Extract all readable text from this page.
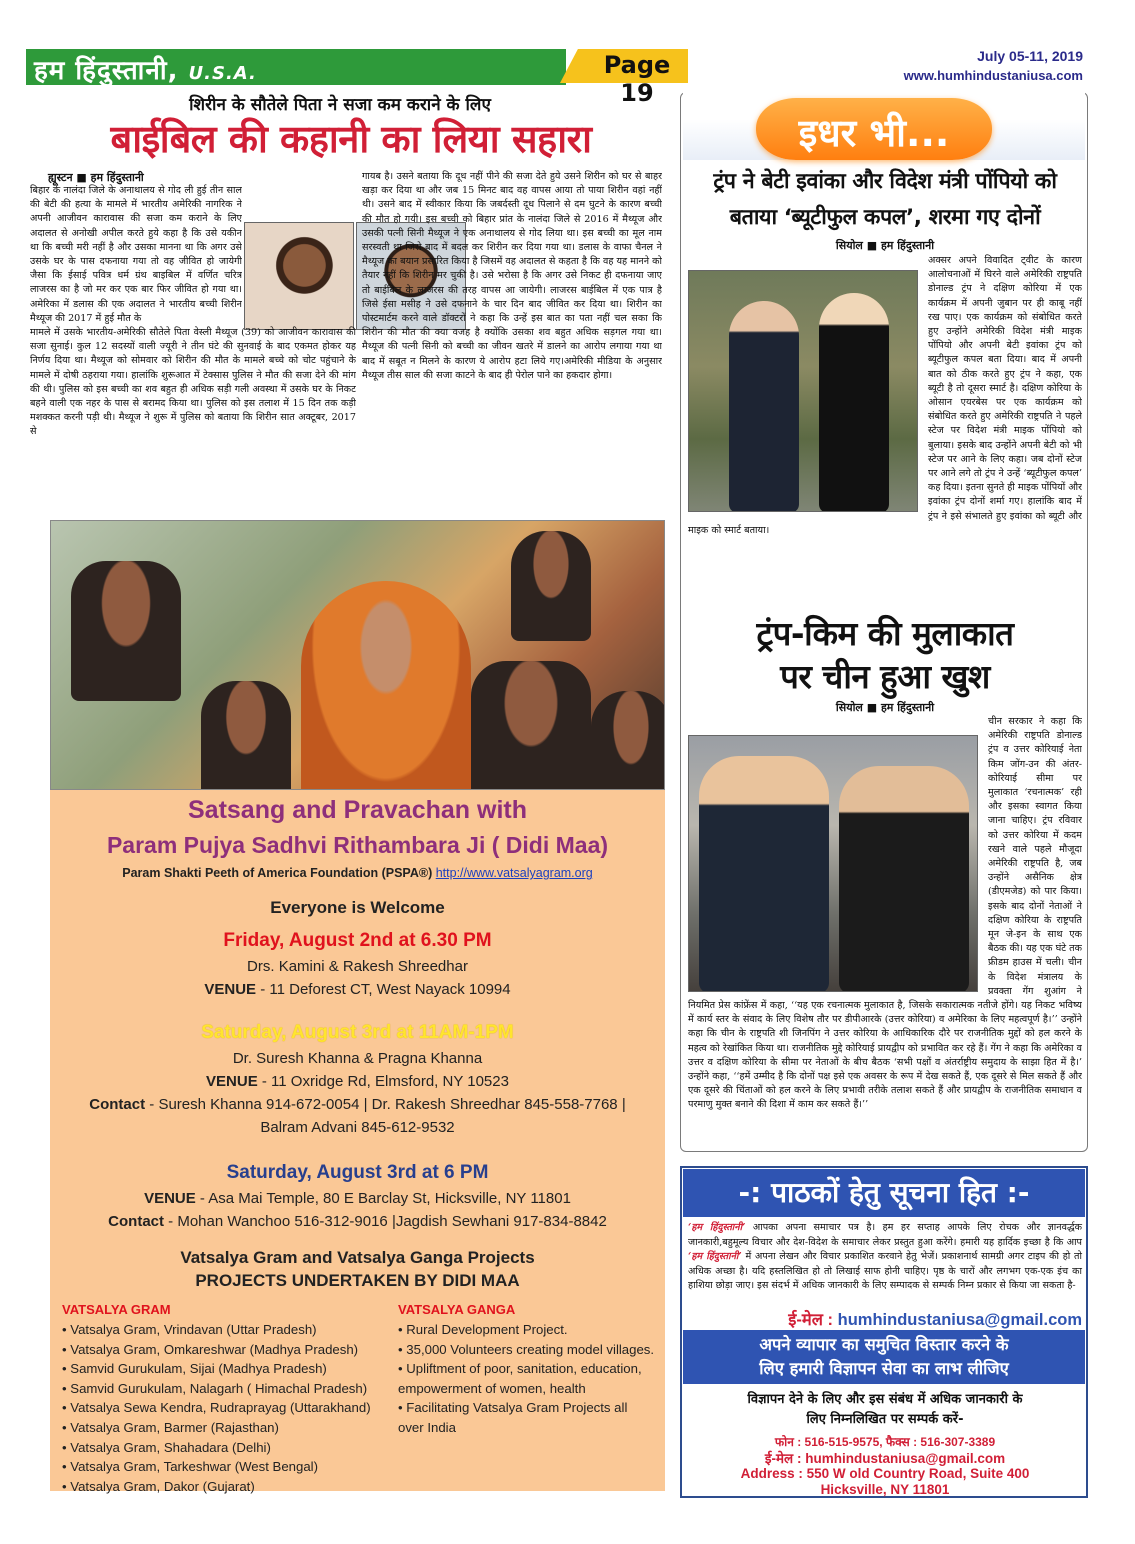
हम हिंदुस्तानी, U.S.A.	Page 19
July 05-11, 2019
www.humhindustaniusa.com
शिरीन के सौतेले पिता ने सजा कम कराने के लिए
बाईबिल की कहानी का लिया सहारा
ह्यूस्टन ■ हम हिंदुस्तानी
बिहार के नालंदा जिले के अनाथालय से गोद ली हुई तीन साल की बेटी की हत्या के मामले में भारतीय अमेरिकी नागरिक ने अपनी आजीवन कारावास की सजा कम कराने के लिए अदालत से अनोखी अपील करते हुये कहा है कि उसे यकीन था कि बच्ची मरी नहीं है और उसका मानना था कि अगर उसे उसके घर के पास दफनाया गया तो वह जीवित हो जायेगी जैसा कि ईसाई पवित्र धर्म ग्रंथ बाइबिल में वर्णित चरित्र लाजरस का है जो मर कर एक बार फिर जीवित हो गया था। अमेरिका में डलास की एक अदालत ने भारतीय बच्ची शिरीन मैथ्यूज की 2017 में हुई मौत के
मामले में उसके भारतीय-अमेरिकी सौतेले पिता वेस्ली मैथ्यूज (39) को आजीवन कारावास की सजा सुनाई। कुल 12 सदस्यों वाली ज्यूरी ने तीन घंटे की सुनवाई के बाद एकमत होकर यह निर्णय दिया था। मैथ्यूज को सोमवार को शिरीन की मौत के मामले बच्चे को चोट पहुंचाने के मामले में दोषी ठहराया गया। हालांकि शुरूआत में टेक्सास पुलिस ने मौत की सजा देने की मांग की थी। पुलिस को इस बच्ची का शव बहुत ही अधिक सड़ी गली अवस्था में उसके घर के निकट बहने वाली एक नहर के पास से बरामद किया था। पुलिस को इस तलाश में 15 दिन तक कड़ी मशक्कत करनी पड़ी थी। मैथ्यूज ने शुरू में पुलिस को बताया कि शिरीन सात अक्टूबर, 2017 से
गायब है। उसने बताया कि दूध नहीं पीने की सजा देते हुये उसने शिरीन को घर से बाहर खड़ा कर दिया था और जब 15 मिनट बाद वह वापस आया तो पाया शिरीन वहां नहीं थी। उसने बाद में स्वीकार किया कि जबर्दस्ती दूध पिलाने से दम घुटने के कारण बच्ची की मौत हो गयी। इस बच्ची को बिहार प्रांत के नालंदा जिले से 2016 में मैथ्यूज और उसकी पत्नी सिनी मैथ्यूज ने एक अनाथालय से गोद लिया था। इस बच्ची का मूल नाम सरस्वती था जिसे बाद में बदल कर शिरीन कर दिया गया था। डलास के वाफा चैनल ने मैथ्यूज का बयान प्रसारित किया है जिसमें वह अदालत से कहता है कि वह यह मानने को तैयार नहीं कि शिरीन मर चुकी है। उसे भरोसा है कि अगर उसे निकट ही दफनाया जाए तो बाईबिल के लाजरस की तरह वापस आ जायेगी। लाजरस बाईबिल में एक पात्र है जिसे ईसा मसीह ने उसे दफनाने के चार दिन बाद जीवित कर दिया था। शिरीन का पोस्टमार्टम करने वाले डॉक्टरों ने कहा कि उन्हें इस बात का पता नहीं चल सका कि शिरीन की मौत की क्या वजह है क्योंकि उसका शव बहुत अधिक सड़गल गया था। मैथ्यूज की पत्नी सिनी को बच्ची का जीवन खतरे में डालने का आरोप लगाया गया था बाद में सबूत न मिलने के कारण ये आरोप हटा लिये गए।अमेरिकी मीडिया के अनुसार मैथ्यूज तीस साल की सजा काटने के बाद ही पेरोल पाने का हकदार होगा।
Satsang and Pravachan with
Param Pujya Sadhvi Rithambara Ji ( Didi Maa)
Param Shakti Peeth of America Foundation (PSPA®) http://www.vatsalyagram.org
Everyone is Welcome
Friday, August 2nd at 6.30 PM
Drs. Kamini & Rakesh Shreedhar
VENUE - 11 Deforest CT, West Nayack 10994
Saturday, August 3rd at 11AM-1PM
Dr. Suresh Khanna & Pragna Khanna
VENUE - 11 Oxridge Rd, Elmsford, NY 10523
Contact - Suresh Khanna 914-672-0054 | Dr. Rakesh Shreedhar 845-558-7768 |
Balram Advani 845-612-9532
Saturday, August 3rd at 6 PM
VENUE - Asa Mai Temple, 80 E Barclay St, Hicksville, NY 11801
Contact - Mohan Wanchoo 516-312-9016 |Jagdish Sewhani 917-834-8842
Vatsalya Gram and Vatsalya Ganga Projects
PROJECTS UNDERTAKEN BY DIDI MAA
VATSALYA GRAM
• Vatsalya Gram, Vrindavan (Uttar Pradesh)
• Vatsalya Gram, Omkareshwar (Madhya Pradesh)
• Samvid Gurukulam, Sijai (Madhya Pradesh)
• Samvid Gurukulam, Nalagarh ( Himachal Pradesh)
• Vatsalya Sewa Kendra, Rudraprayag (Uttarakhand)
• Vatsalya Gram, Barmer (Rajasthan)
• Vatsalya Gram, Shahadara (Delhi)
• Vatsalya Gram, Tarkeshwar (West Bengal)
• Vatsalya Gram, Dakor (Gujarat)
VATSALYA GANGA
• Rural Development Project.
• 35,000 Volunteers creating model villages.
• Upliftment of poor, sanitation, education, empowerment of women, health
• Facilitating Vatsalya Gram Projects all over India
इधर भी...
ट्रंप ने बेटी इवांका और विदेश मंत्री पोंपियो को
बताया ‘ब्यूटीफुल कपल’, शरमा गए दोनों
सियोल ■ हम हिंदुस्तानी
अक्सर अपने विवादित ट्वीट के कारण आलोचनाओं में घिरने वाले अमेरिकी राष्ट्रपति डोनाल्ड ट्रंप ने दक्षिण कोरिया में एक कार्यक्रम में अपनी जुबान पर ही काबू नहीं रख पाए। एक कार्यक्रम को संबोधित करते हुए उन्होंने अमेरिकी विदेश मंत्री माइक पोंपियो और अपनी बेटी इवांका ट्रंप को ब्यूटीफुल कपल बता दिया। बाद में अपनी बात को ठीक करते हुए ट्रंप ने कहा, एक ब्यूटी है तो दूसरा स्मार्ट है। दक्षिण कोरिया के ओसान एयरबेस पर एक कार्यक्रम को संबोधित करते हुए अमेरिकी राष्ट्रपति ने पहले स्टेज पर विदेश मंत्री माइक पोंपियो को बुलाया। इसके बाद उन्होंने अपनी बेटी को भी स्टेज पर आने के लिए कहा। जब दोनों स्टेज पर आने लगे तो ट्रंप ने उन्हें ‘ब्यूटीफुल कपल’ कह दिया। इतना सुनते ही माइक पोंपियों और इवांका ट्रंप दोनों शर्मा गए। हालांकि बाद में ट्रंप ने इसे संभालते हुए इवांका को ब्यूटी और माइक को स्मार्ट बताया।
ट्रंप-किम की मुलाकात
पर चीन हुआ खुश
सियोल ■ हम हिंदुस्तानी
चीन सरकार ने कहा कि अमेरिकी राष्ट्रपति डोनाल्ड ट्रंप व उत्तर कोरियाई नेता किम जोंग-उन की अंतर-कोरियाई सीमा पर मुलाकात ‘रचनात्मक’ रही और इसका स्वागत किया जाना चाहिए। ट्रंप रविवार को उत्तर कोरिया में कदम रखने वाले पहले मौजूदा अमेरिकी राष्ट्रपति है, जब उन्होंने असैनिक क्षेत्र (डीएमजेड) को पार किया। इसके बाद दोनों नेताओं ने दक्षिण कोरिया के राष्ट्रपति मून जे-इन के साथ एक बैठक की। यह एक घंटे तक फ्रीडम हाउस में चली। चीन के विदेश मंत्रालय के प्रवक्ता गेंग शुआंग ने नियमित प्रेस कांफ्रेंस में कहा, ‘‘यह एक रचनात्मक मुलाकात है, जिसके सकारात्मक नतीजे होंगे। यह निकट भविष्य में कार्य स्तर के संवाद के लिए विशेष तौर पर डीपीआरके (उत्तर कोरिया) व अमेरिका के लिए महत्वपूर्ण है।’’ उन्होंने कहा कि चीन के राष्ट्रपति शी जिनपिंग ने उत्तर कोरिया के आधिकारिक दौरे पर राजनीतिक मुद्दों को हल करने के महत्व को रेखांकित किया था। राजनीतिक मुद्दे कोरियाई प्रायद्वीप को प्रभावित कर रहे हैं। गेंग ने कहा कि अमेरिका व उत्तर व दक्षिण कोरिया के सीमा पर नेताओं के बीच बैठक ‘सभी पक्षों व अंतर्राष्ट्रीय समुदाय के साझा हित में है।’ उन्होंने कहा, ‘‘हमें उम्मीद है कि दोनों पक्ष इसे एक अवसर के रूप में देख सकते हैं, एक दूसरे से मिल सकते हैं और एक दूसरे की चिंताओं को हल करने के लिए प्रभावी तरीके तलाश सकते हैं और प्रायद्वीप के राजनीतिक समाधान व परमाणु मुक्त बनाने की दिशा में काम कर सकते हैं।’’
-: पाठकों हेतु सूचना हित :-
‘हम हिंदुस्तानी’ आपका अपना समाचार पत्र है। हम हर सप्ताह आपके लिए रोचक और ज्ञानवर्द्धक जानकारी,बहुमूल्य विचार और देश-विदेश के समाचार लेकर प्रस्तुत हुआ करेंगे। हमारी यह हार्दिक इच्छा है कि आप ‘हम हिंदुस्तानी’ में अपना लेखन और विचार प्रकाशित करवाने हेतु भेजें। प्रकाशनार्थ सामग्री अगर टाइप की हो तो अधिक अच्छा है। यदि हस्तलिखित हो तो लिखाई साफ होनी चाहिए। पृष्ठ के चारों और लगभग एक-एक इंच का हाशिया छोड़ा जाए। इस संदर्भ में अधिक जानकारी के लिए सम्पादक से सम्पर्क निम्न प्रकार से किया जा सकता है-
ई-मेल : humhindustaniusa@gmail.com
अपने व्यापार का समुचित विस्तार करने के
लिए हमारी विज्ञापन सेवा का लाभ लीजिए
विज्ञापन देने के लिए और इस संबंध में अधिक जानकारी के
लिए निम्नलिखित पर सम्पर्क करें-
फोन : 516-515-9575, फैक्स : 516-307-3389
ई-मेल : humhindustaniusa@gmail.com
Address : 550 W old Country Road, Suite 400
Hicksville, NY 11801
